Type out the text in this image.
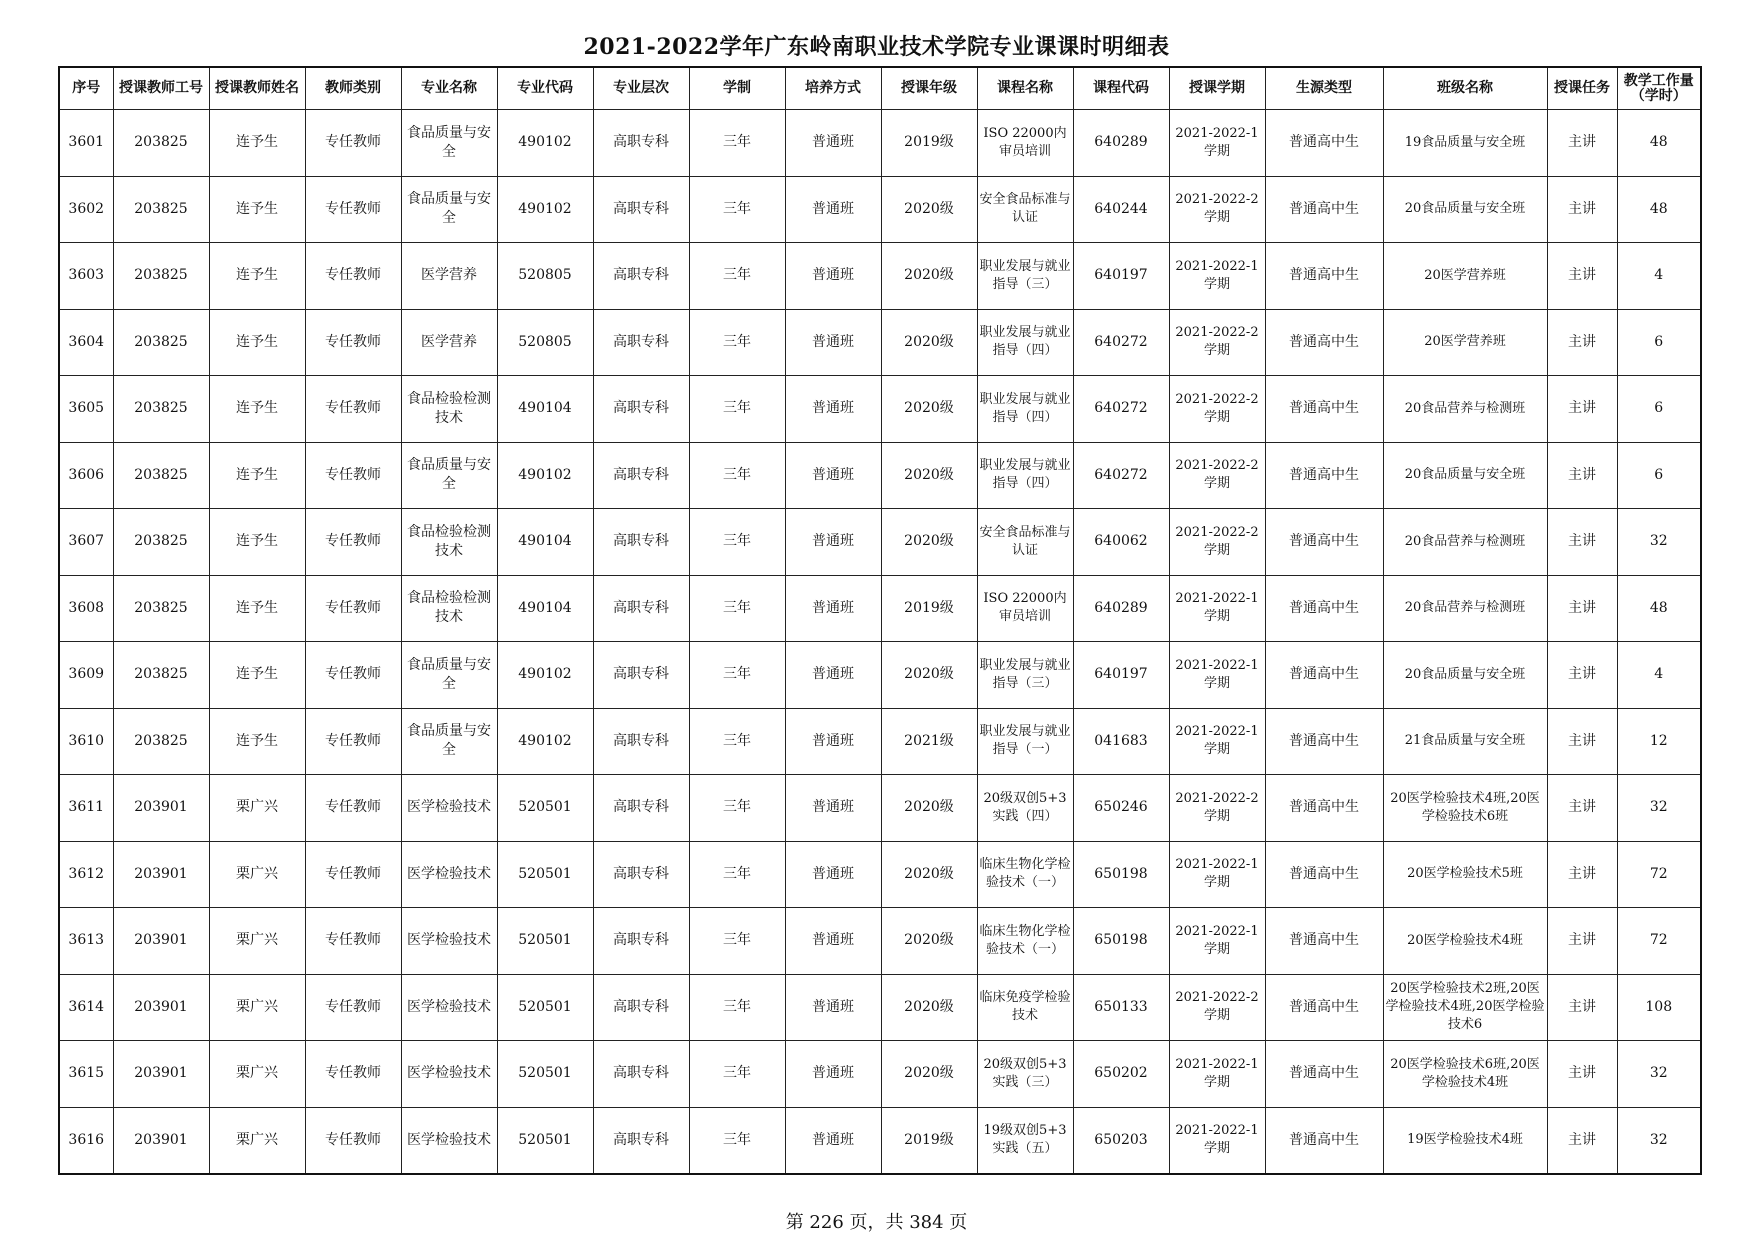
2021-2022学年广东岭南职业技术学院专业课课时明细表
序号	授课教师工号	授课教师姓名	教师类别	专业名称	专业代码	专业层次	学制	培养方式	授课年级	课程名称	课程代码	授课学期	生源类型	班级名称	授课任务	教学工作量（学时）
3601	203825	连予生	专任教师	食品质量与安全	490102	高职专科	三年	普通班	2019级	ISO 22000内审员培训	640289	2021-2022-1学期	普通高中生	19食品质量与安全班	主讲	48
3602	203825	连予生	专任教师	食品质量与安全	490102	高职专科	三年	普通班	2020级	安全食品标准与认证	640244	2021-2022-2学期	普通高中生	20食品质量与安全班	主讲	48
3603	203825	连予生	专任教师	医学营养	520805	高职专科	三年	普通班	2020级	职业发展与就业指导（三）	640197	2021-2022-1学期	普通高中生	20医学营养班	主讲	4
3604	203825	连予生	专任教师	医学营养	520805	高职专科	三年	普通班	2020级	职业发展与就业指导（四）	640272	2021-2022-2学期	普通高中生	20医学营养班	主讲	6
3605	203825	连予生	专任教师	食品检验检测技术	490104	高职专科	三年	普通班	2020级	职业发展与就业指导（四）	640272	2021-2022-2学期	普通高中生	20食品营养与检测班	主讲	6
3606	203825	连予生	专任教师	食品质量与安全	490102	高职专科	三年	普通班	2020级	职业发展与就业指导（四）	640272	2021-2022-2学期	普通高中生	20食品质量与安全班	主讲	6
3607	203825	连予生	专任教师	食品检验检测技术	490104	高职专科	三年	普通班	2020级	安全食品标准与认证	640062	2021-2022-2学期	普通高中生	20食品营养与检测班	主讲	32
3608	203825	连予生	专任教师	食品检验检测技术	490104	高职专科	三年	普通班	2019级	ISO 22000内审员培训	640289	2021-2022-1学期	普通高中生	20食品营养与检测班	主讲	48
3609	203825	连予生	专任教师	食品质量与安全	490102	高职专科	三年	普通班	2020级	职业发展与就业指导（三）	640197	2021-2022-1学期	普通高中生	20食品质量与安全班	主讲	4
3610	203825	连予生	专任教师	食品质量与安全	490102	高职专科	三年	普通班	2021级	职业发展与就业指导（一）	041683	2021-2022-1学期	普通高中生	21食品质量与安全班	主讲	12
3611	203901	栗广兴	专任教师	医学检验技术	520501	高职专科	三年	普通班	2020级	20级双创5+3实践（四）	650246	2021-2022-2学期	普通高中生	20医学检验技术4班,20医学检验技术6班	主讲	32
3612	203901	栗广兴	专任教师	医学检验技术	520501	高职专科	三年	普通班	2020级	临床生物化学检验技术（一）	650198	2021-2022-1学期	普通高中生	20医学检验技术5班	主讲	72
3613	203901	栗广兴	专任教师	医学检验技术	520501	高职专科	三年	普通班	2020级	临床生物化学检验技术（一）	650198	2021-2022-1学期	普通高中生	20医学检验技术4班	主讲	72
3614	203901	栗广兴	专任教师	医学检验技术	520501	高职专科	三年	普通班	2020级	临床免疫学检验技术	650133	2021-2022-2学期	普通高中生	20医学检验技术2班,20医学检验技术4班,20医学检验技术6	主讲	108
3615	203901	栗广兴	专任教师	医学检验技术	520501	高职专科	三年	普通班	2020级	20级双创5+3实践（三）	650202	2021-2022-1学期	普通高中生	20医学检验技术6班,20医学检验技术4班	主讲	32
3616	203901	栗广兴	专任教师	医学检验技术	520501	高职专科	三年	普通班	2019级	19级双创5+3实践（五）	650203	2021-2022-1学期	普通高中生	19医学检验技术4班	主讲	32
第 226 页，共 384 页
